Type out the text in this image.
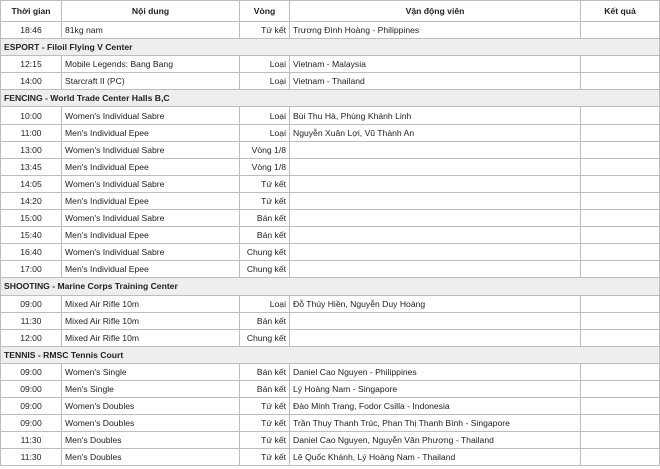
Thời gian	Nội dung	Vòng	Vận động viên	Kết quả
18:46	81kg nam	Tứ kết	Trương Đình Hoàng - Philippines	
ESPORT - Filoil Flying V Center				
12:15	Mobile Legends: Bang Bang	Loại	Vietnam - Malaysia	
14:00	Starcraft II (PC)	Loại	Vietnam - Thailand	
FENCING - World Trade Center Halls B,C				
10:00	Women's Individual Sabre	Loại	Bùi Thu Hà, Phùng Khánh Linh	
11:00	Men's Individual Epee	Loại	Nguyễn Xuân Lợi, Vũ Thành An	
13:00	Women's Individual Sabre	Vòng 1/8		
13:45	Men's Individual Epee	Vòng 1/8		
14:05	Women's Individual Sabre	Tứ kết		
14:20	Men's Individual Epee	Tứ kết		
15:00	Women's Individual Sabre	Bán kết		
15:40	Men's Individual Epee	Bán kết		
16:40	Women's Individual Sabre	Chung kết		
17:00	Men's Individual Epee	Chung kết		
SHOOTING - Marine Corps Training Center				
09:00	Mixed Air Rifle 10m	Loại	Đỗ Thúy Hiền, Nguyễn Duy Hoàng	
11:30	Mixed Air Rifle 10m	Bán kết		
12:00	Mixed Air Rifle 10m	Chung kết		
TENNIS - RMSC Tennis Court				
09:00	Women's Single	Bán kết	Daniel Cao Nguyen - Philippines	
09:00	Men's Single	Bán kết	Lý Hoàng Nam - Singapore	
09:00	Women's Doubles	Tứ kết	Đào Minh Trang, Fodor Csilla - Indonesia	
09:00	Women's Doubles	Tứ kết	Trần Thụy Thanh Trúc, Phan Thị Thanh Bình - Singapore	
11:30	Men's Doubles	Tứ kết	Daniel Cao Nguyen, Nguyễn Văn Phương - Thailand	
11:30	Men's Doubles	Tứ kết	Lê Quốc Khánh, Lý Hoàng Nam - Thailand	
